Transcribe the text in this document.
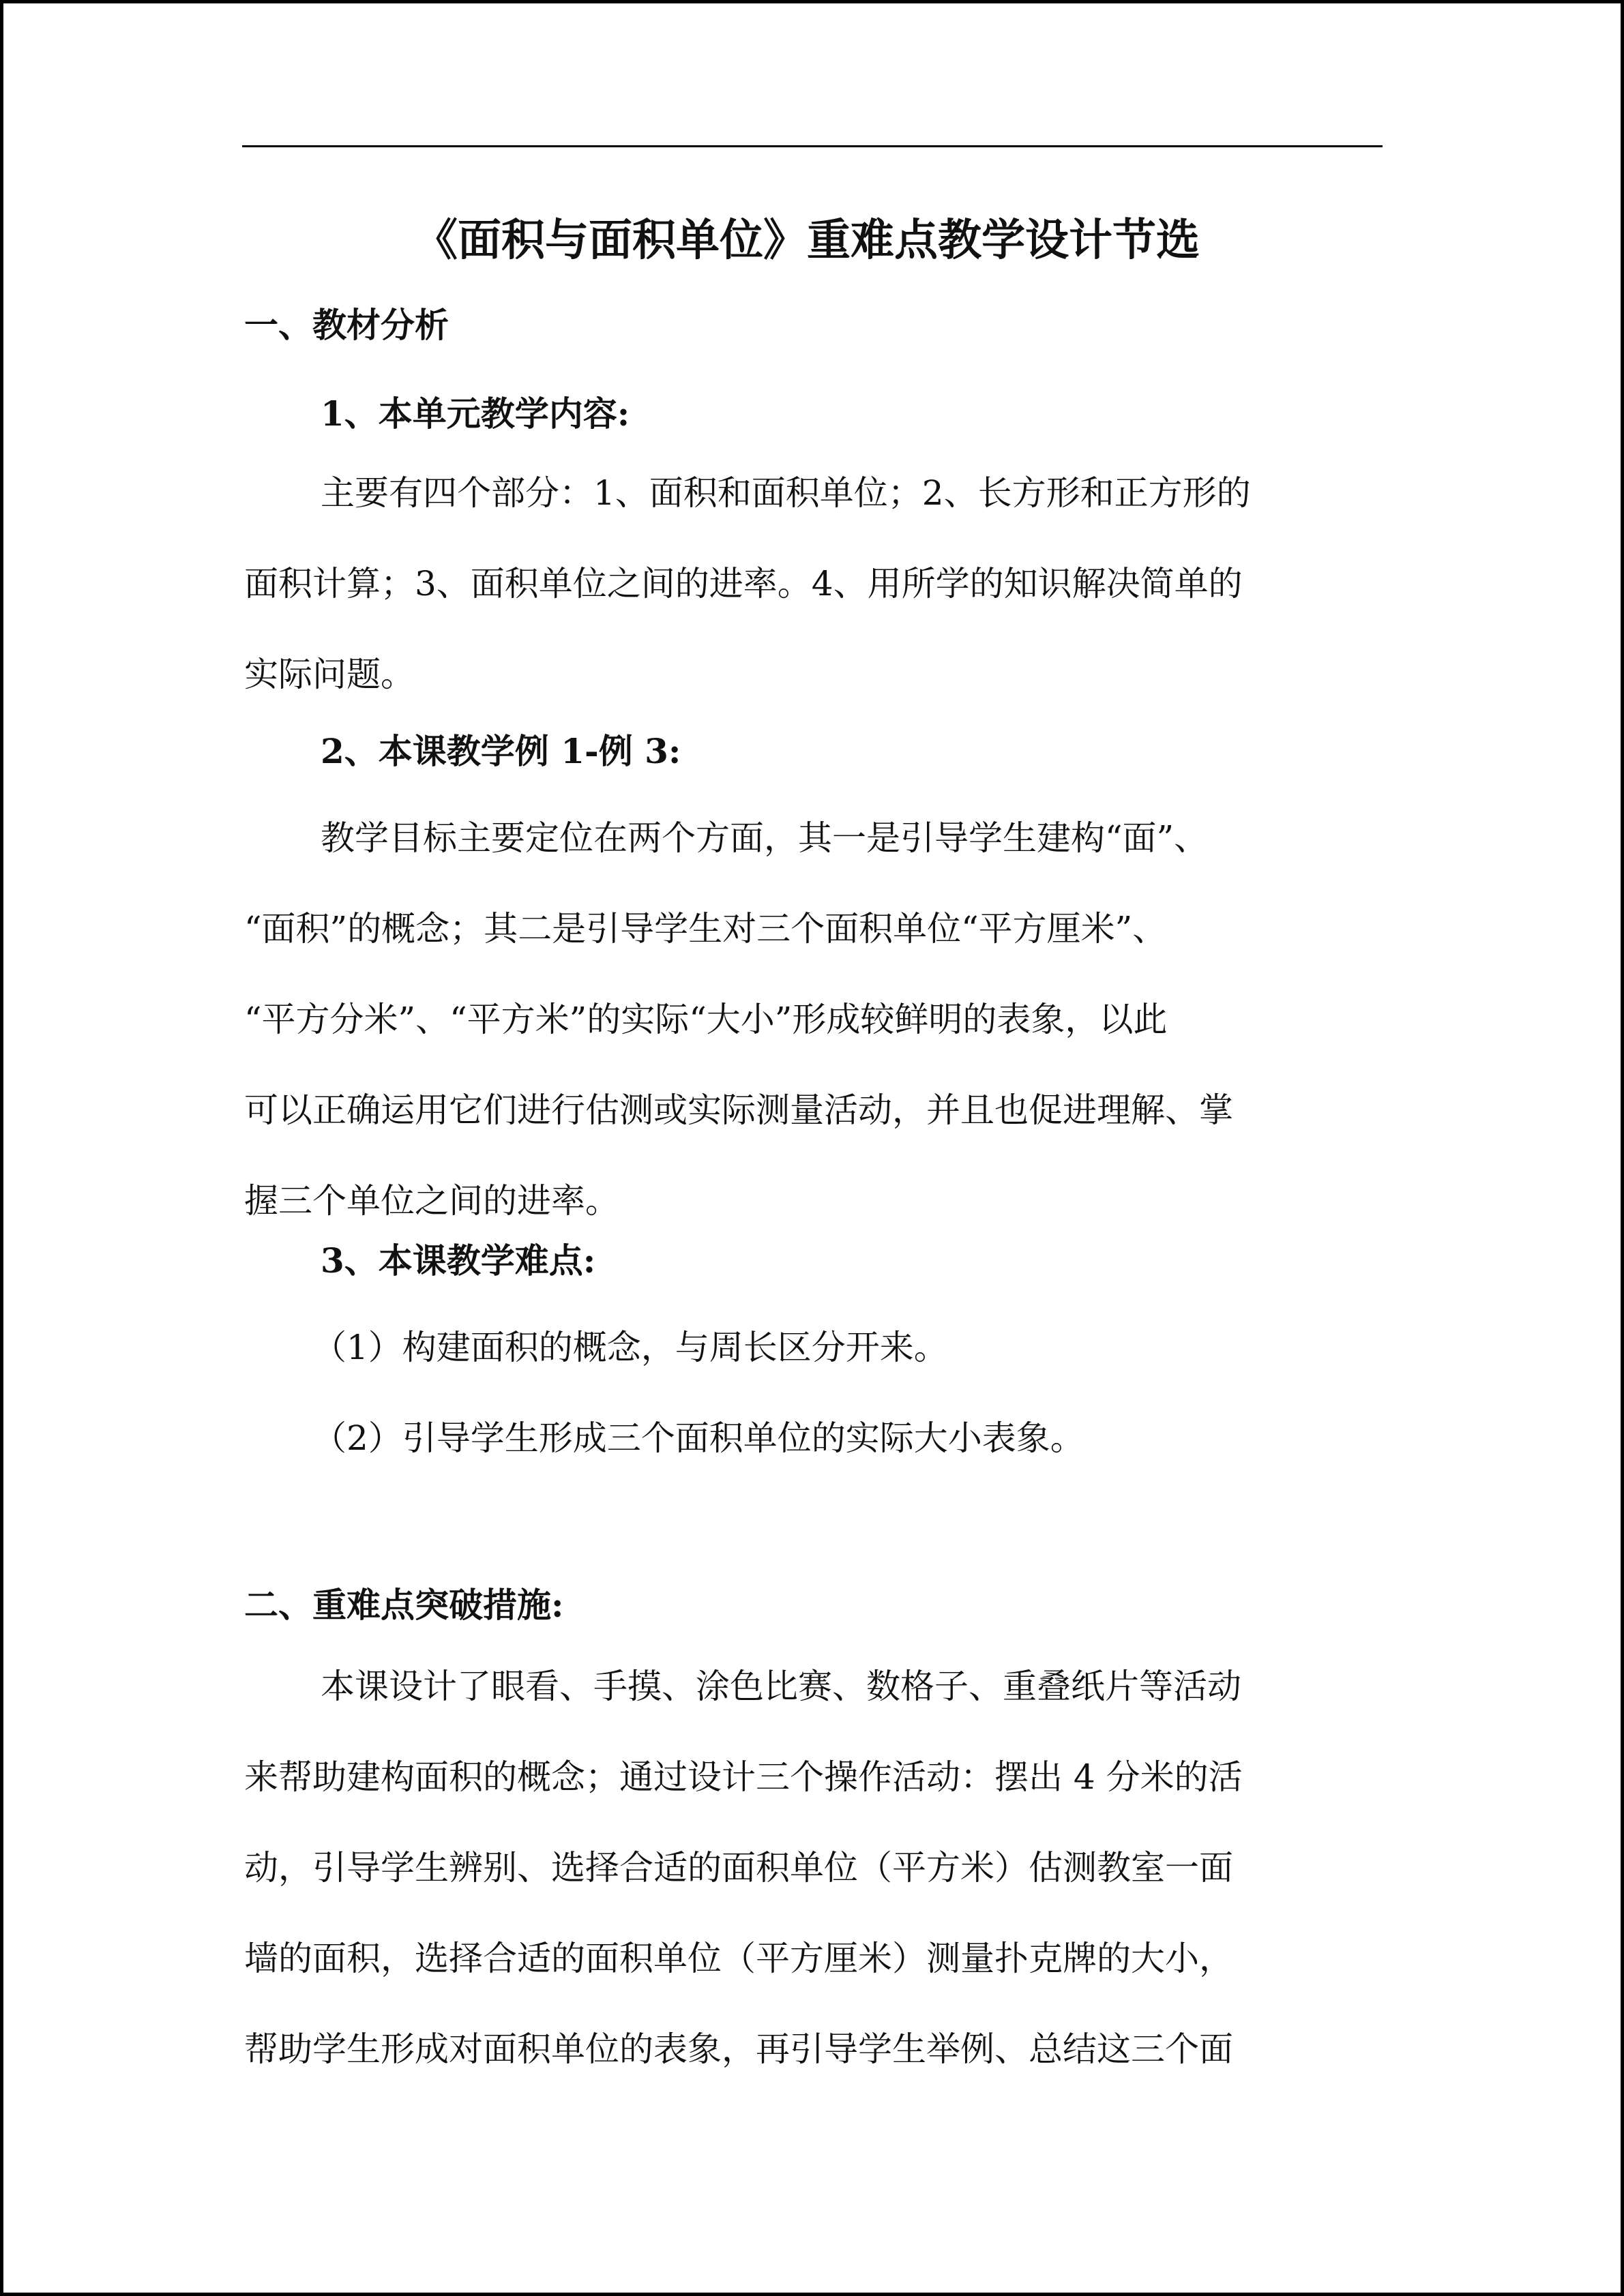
《面积与面积单位》重难点教学设计节选
一、教材分析
1、本单元教学内容:
主要有四个部分：1、面积和面积单位；2、长方形和正方形的
面积计算；3、面积单位之间的进率。4、用所学的知识解决简单的
实际问题。
2、本课教学例 1-例 3:
教学目标主要定位在两个方面，其一是引导学生建构“面”、
“面积”的概念；其二是引导学生对三个面积单位“平方厘米”、
“平方分米”、“平方米”的实际“大小”形成较鲜明的表象，以此
可以正确运用它们进行估测或实际测量活动，并且也促进理解、掌
握三个单位之间的进率。
3、本课教学难点:
（1）构建面积的概念，与周长区分开来。
（2）引导学生形成三个面积单位的实际大小表象。
二、重难点突破措施:
本课设计了眼看、手摸、涂色比赛、数格子、重叠纸片等活动
来帮助建构面积的概念；通过设计三个操作活动：摆出 4 分米的活
动，引导学生辨别、选择合适的面积单位（平方米）估测教室一面
墙的面积，选择合适的面积单位（平方厘米）测量扑克牌的大小，
帮助学生形成对面积单位的表象，再引导学生举例、总结这三个面
